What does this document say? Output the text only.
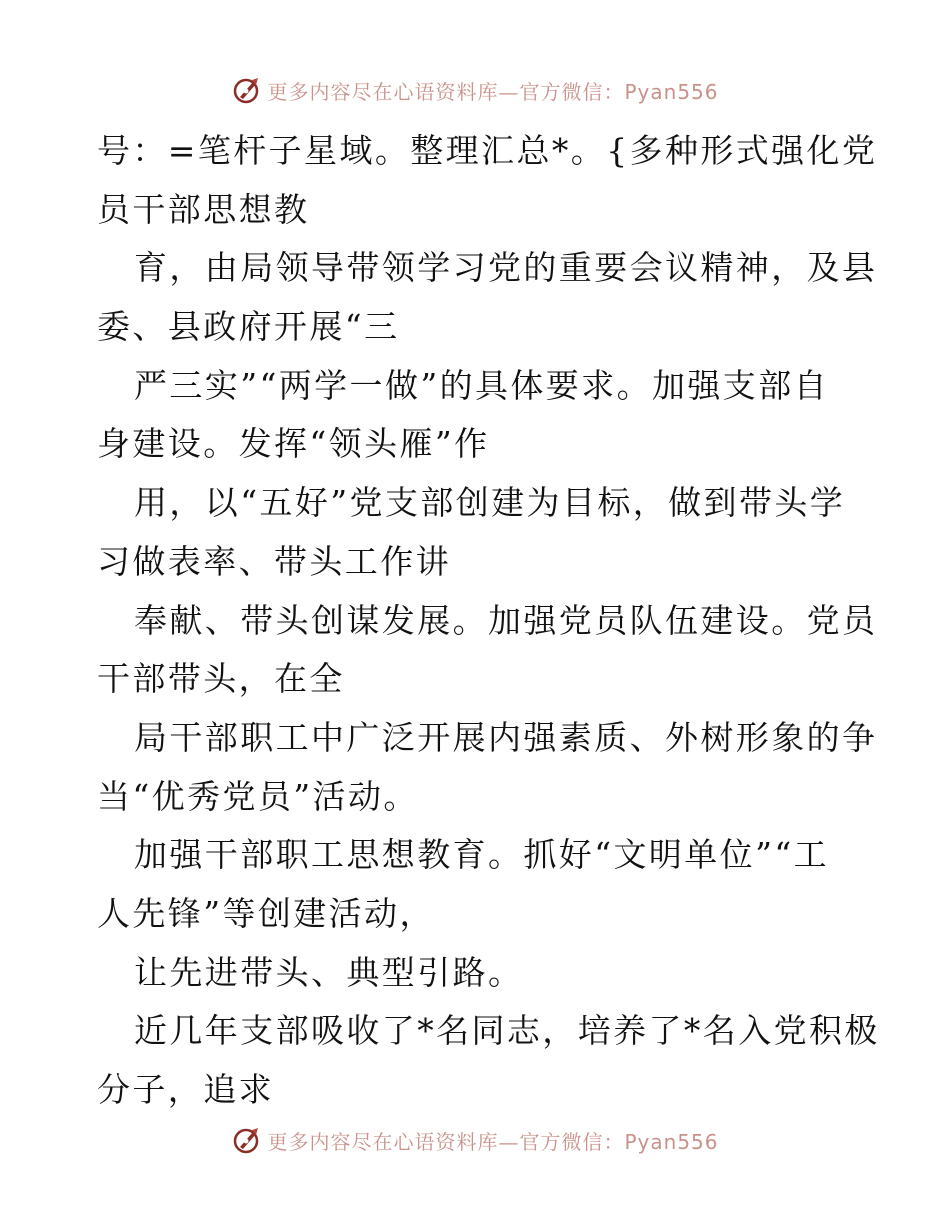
更多内容尽在心语资料库—官方微信：Pyan556

号：=笔杆子星域。整理汇总*。{多种形式强化党

员干部思想教

育，由局领导带领学习党的重要会议精神，及县

委、县政府开展“三

严三实”“两学一做”的具体要求。加强支部自

身建设。发挥“领头雁”作

用，以“五好”党支部创建为目标，做到带头学

习做表率、带头工作讲

奉献、带头创谋发展。加强党员队伍建设。党员

干部带头，在全

局干部职工中广泛开展内强素质、外树形象的争

当“优秀党员”活动。

加强干部职工思想教育。抓好“文明单位”“工

人先锋”等创建活动，

让先进带头、典型引路。

近几年支部吸收了*名同志，培养了*名入党积极

分子，追求

更多内容尽在心语资料库—官方微信：Pyan556
